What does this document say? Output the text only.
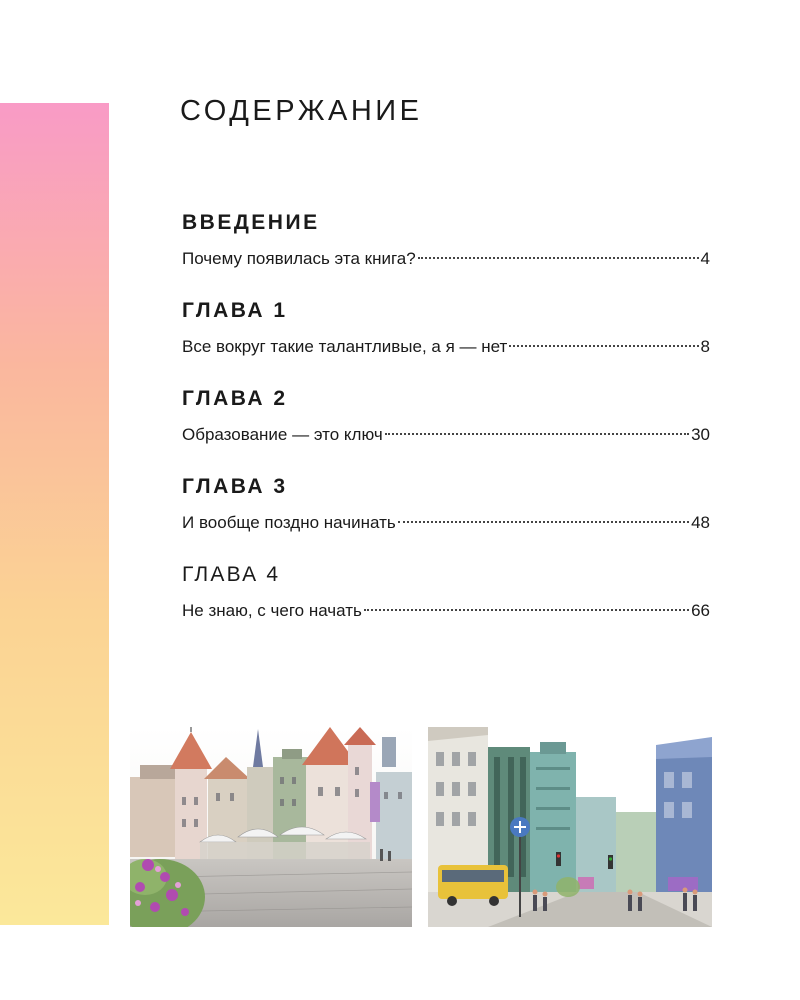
СОДЕРЖАНИЕ
ВВЕДЕНИЕ
Почему появилась эта книга?	4
ГЛАВА 1
Все вокруг такие талантливые, а я — нет	8
ГЛАВА 2
Образование — это ключ	30
ГЛАВА 3
И вообще поздно начинать	48
ГЛАВА 4
Не знаю, с чего начать	66
